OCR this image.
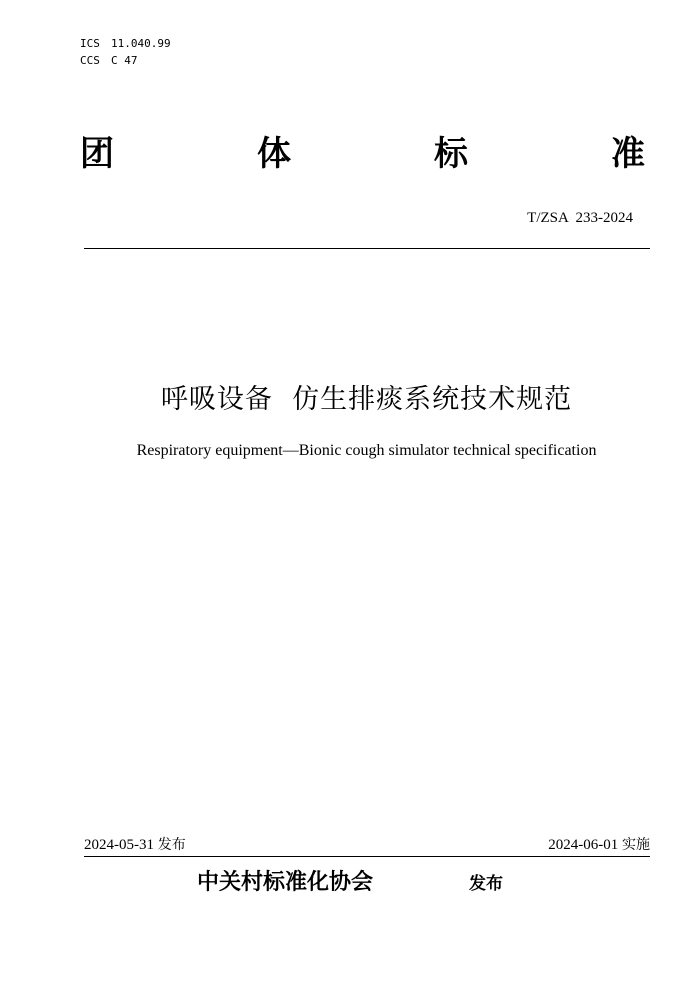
ICS 11.040.99
CCS C 47
团	体	标	准
T/ZSA  233-2024
呼吸设备  仿生排痰系统技术规范
Respiratory equipment—Bionic cough simulator technical specification
2024-05-31 发布	2024-06-01 实施
中关村标准化协会	发布
